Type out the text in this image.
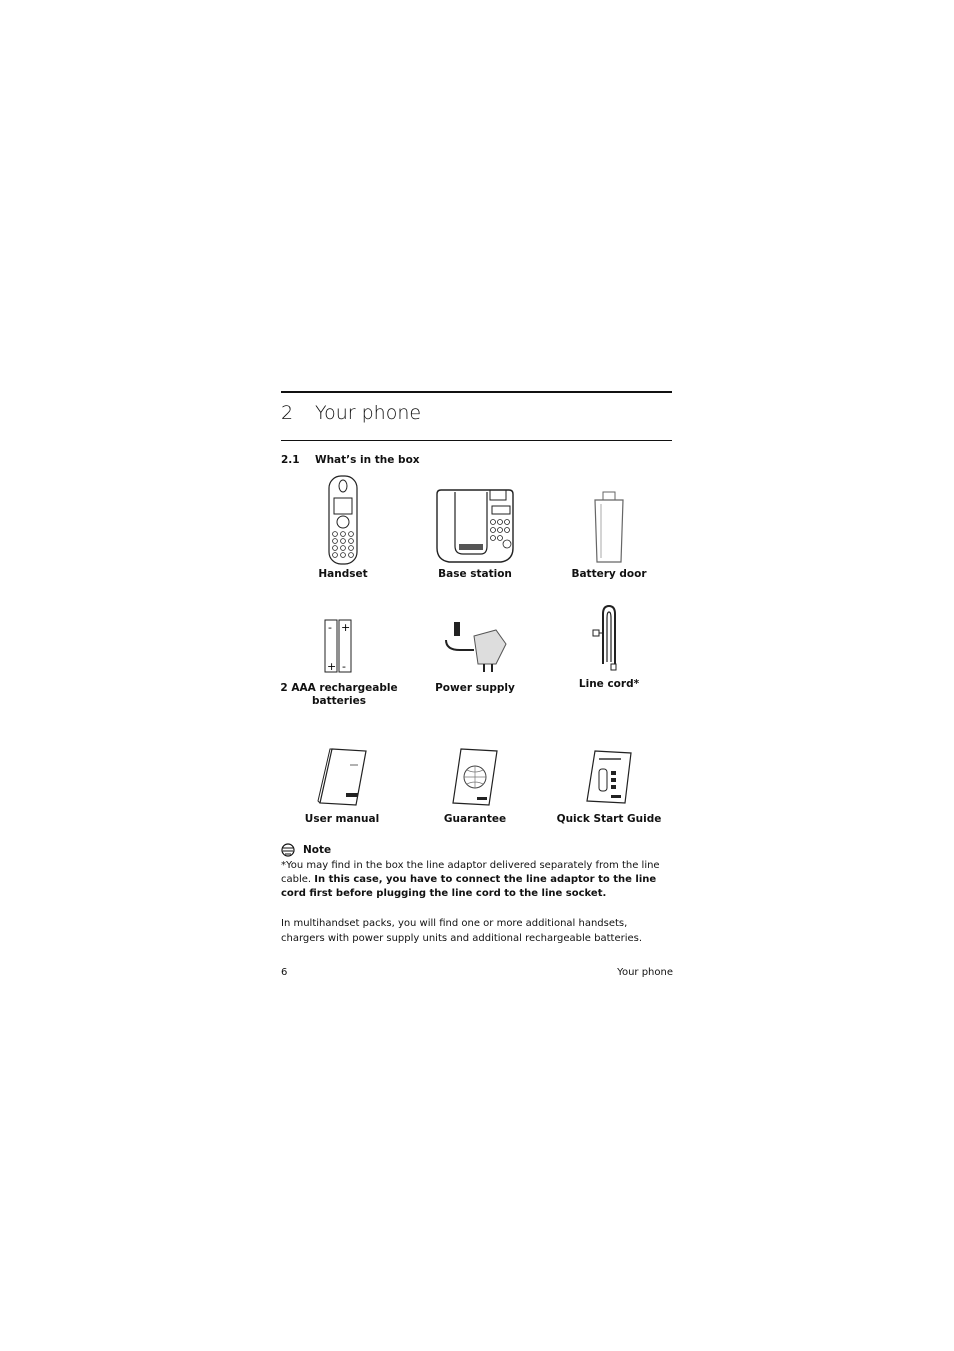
2 Your phone
2.1 What’s in the box
Handset	Base station	Battery door
- +
+ -
2 AAA rechargeable batteries
Power supply	Line cord*
User manual	Guarantee	Quick Start Guide
Note
*You may find in the box the line adaptor delivered separately from the line cable. In this case, you have to connect the line adaptor to the line cord first before plugging the line cord to the line socket.
In multihandset packs, you will find one or more additional handsets, chargers with power supply units and additional rechargeable batteries.
6	Your phone
